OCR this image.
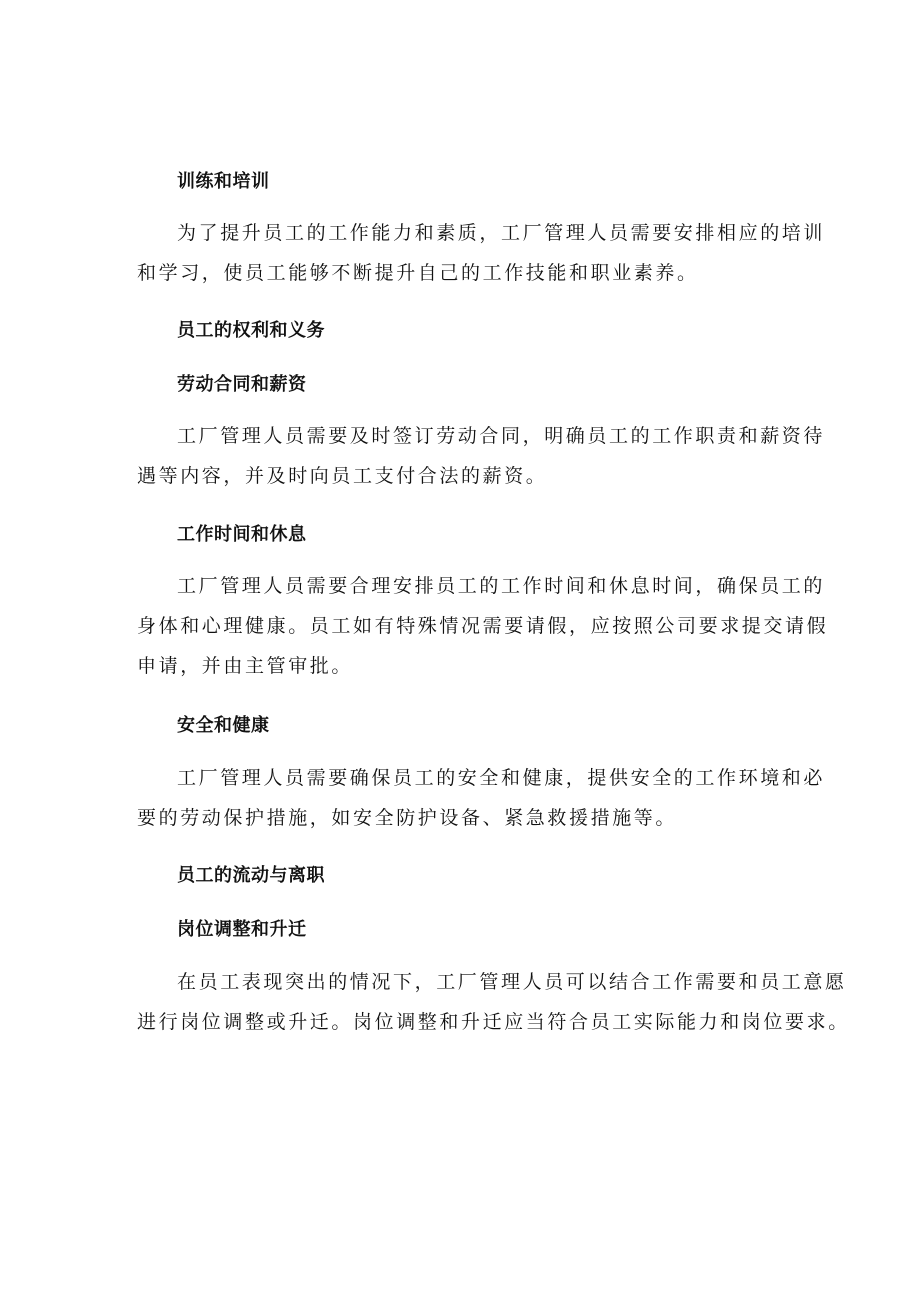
训练和培训

为了提升员工的工作能力和素质，工厂管理人员需要安排相应的培训
和学习，使员工能够不断提升自己的工作技能和职业素养。

员工的权利和义务
劳动合同和薪资

工厂管理人员需要及时签订劳动合同，明确员工的工作职责和薪资待
遇等内容，并及时向员工支付合法的薪资。

工作时间和休息

工厂管理人员需要合理安排员工的工作时间和休息时间，确保员工的
身体和心理健康。员工如有特殊情况需要请假，应按照公司要求提交请假
申请，并由主管审批。

安全和健康

工厂管理人员需要确保员工的安全和健康，提供安全的工作环境和必
要的劳动保护措施，如安全防护设备、紧急救援措施等。

员工的流动与离职
岗位调整和升迁

在员工表现突出的情况下，工厂管理人员可以结合工作需要和员工意愿
进行岗位调整或升迁。岗位调整和升迁应当符合员工实际能力和岗位要求。
